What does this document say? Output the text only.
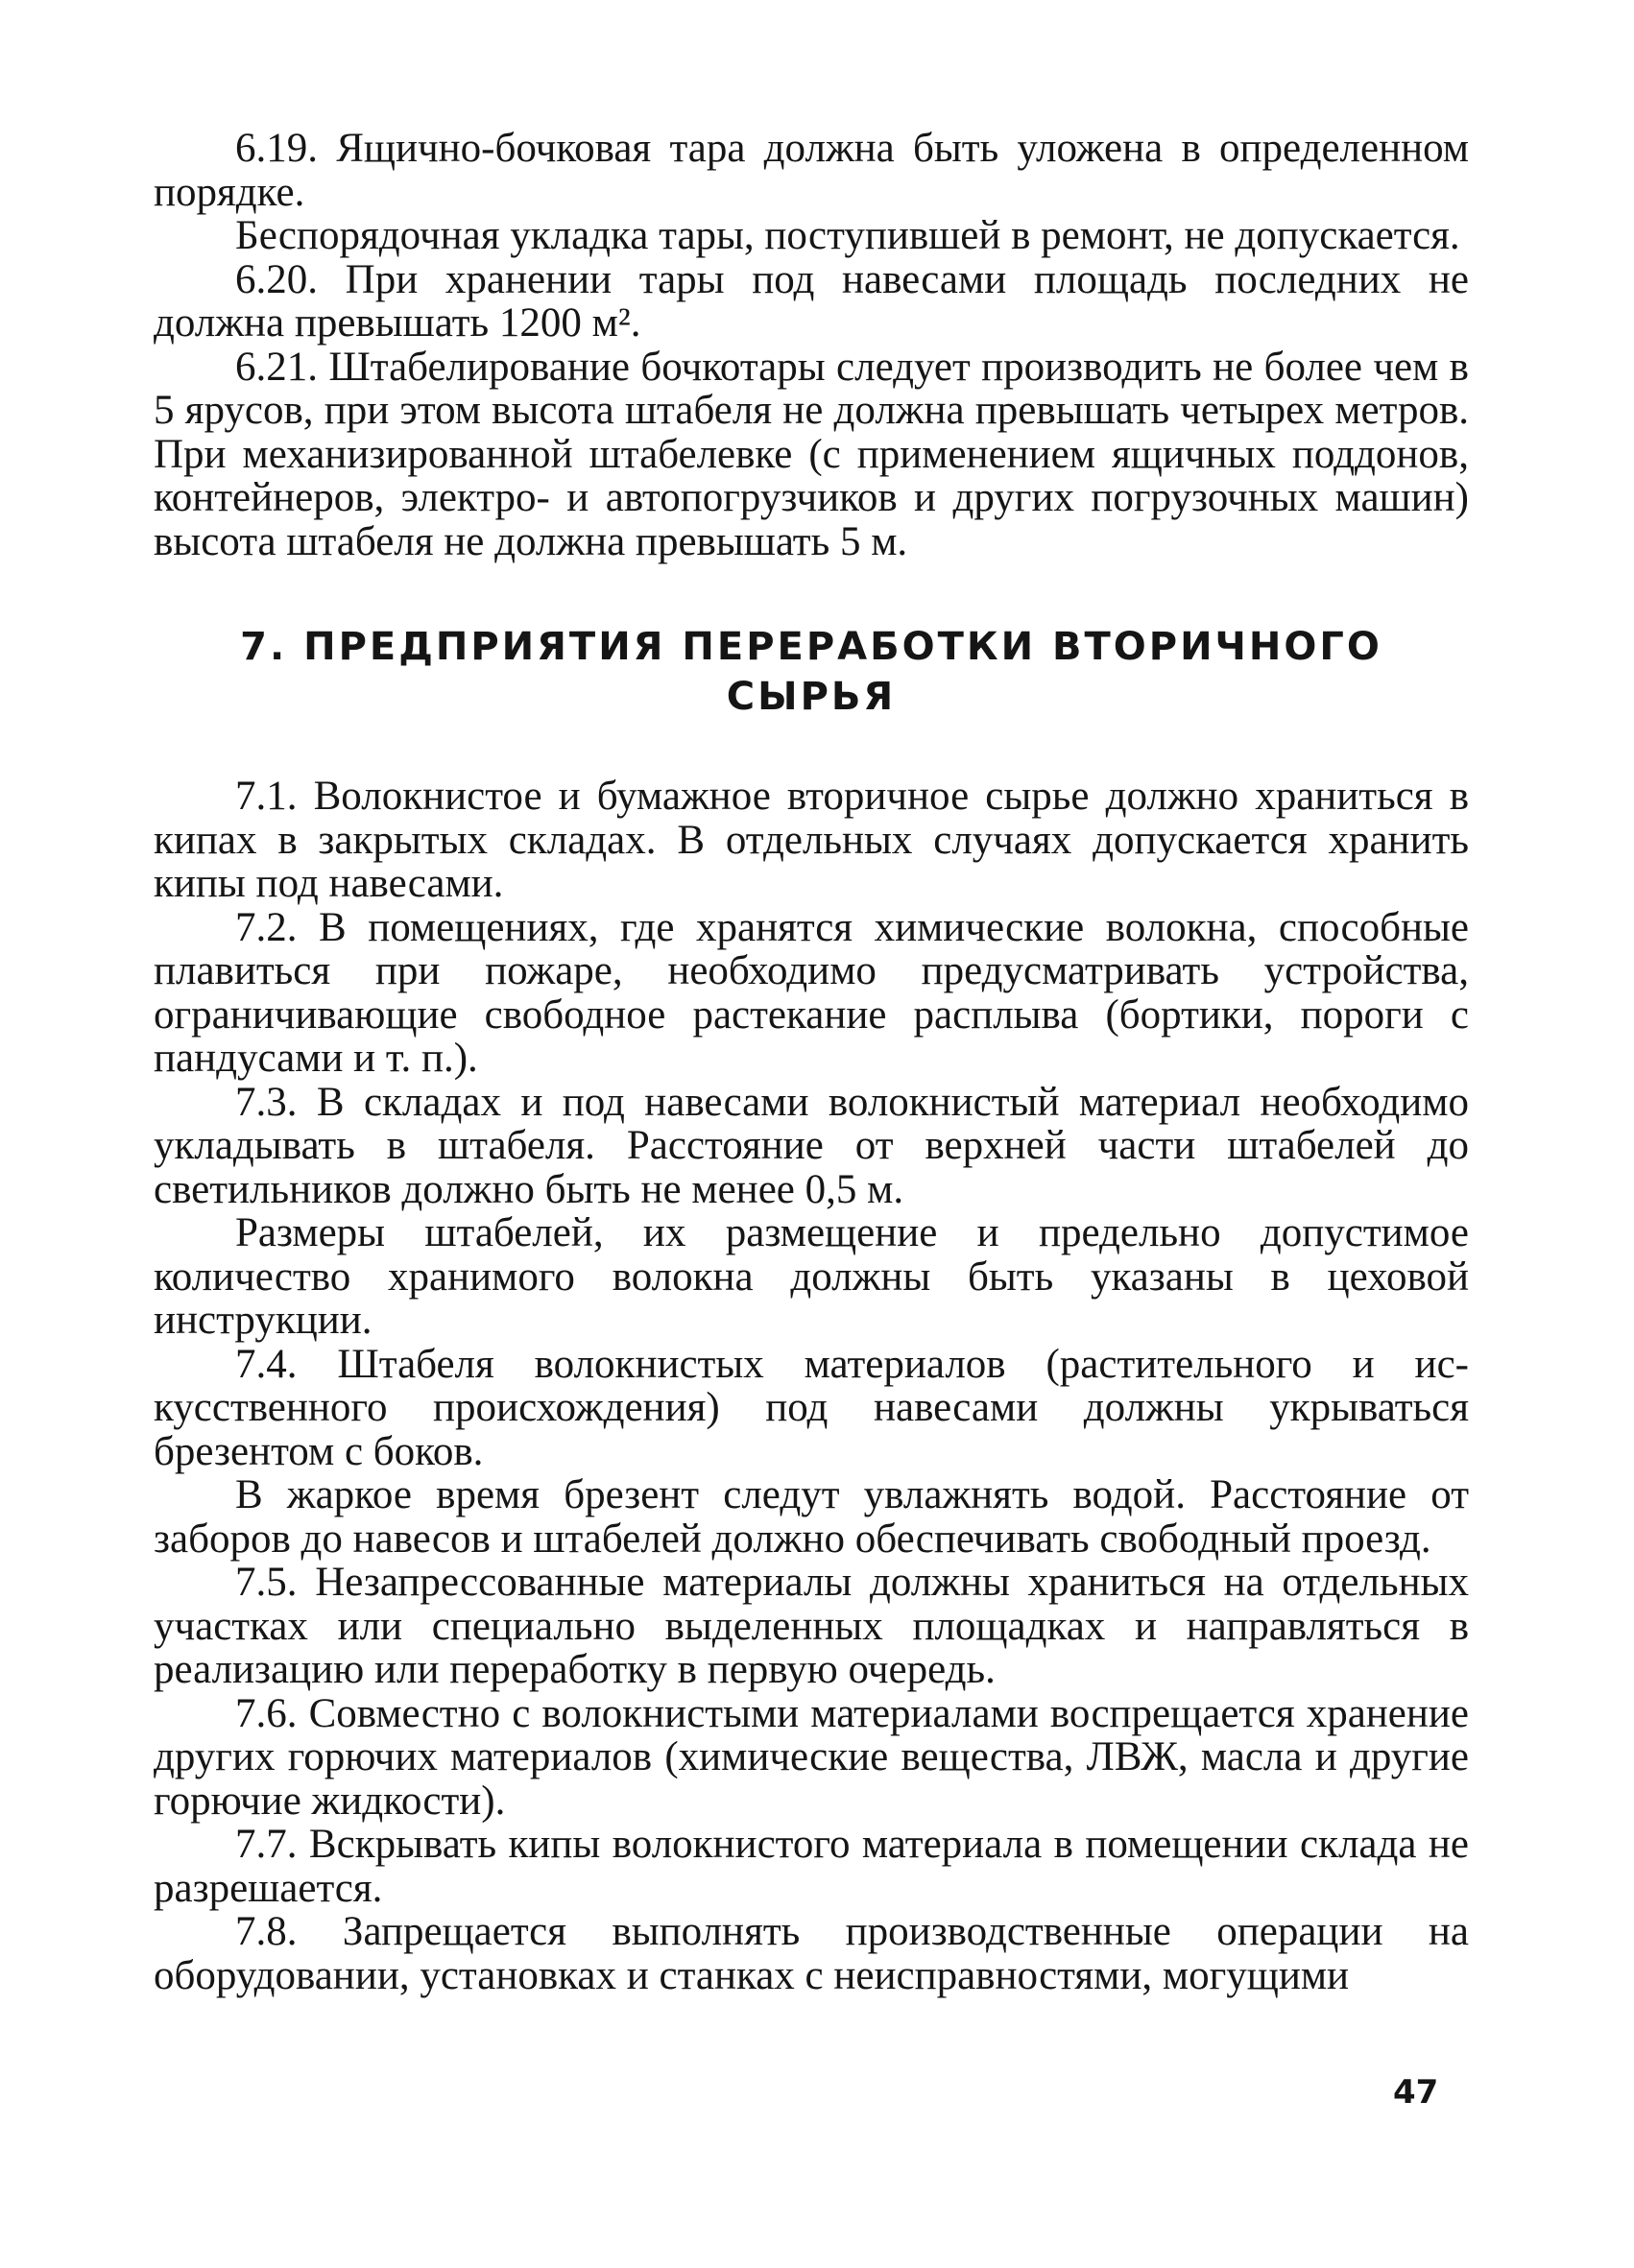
6.19. Ящично-бочковая тара должна быть уложена в определенном порядке.

Беспорядочная укладка тары, поступившей в ремонт, не допускается.

6.20. При хранении тары под навесами площадь последних не должна превышать 1200 м².

6.21. Штабелирование бочкотары следует производить не более чем в 5 ярусов, при этом высота штабеля не должна превышать четырех метров. При механизированной штабелевке (с применением ящичных поддонов, контейнеров, электро- и автопогрузчиков и других погрузочных машин) высота штабеля не должна превышать 5 м.

7. ПРЕДПРИЯТИЯ ПЕРЕРАБОТКИ ВТОРИЧНОГО СЫРЬЯ

7.1. Волокнистое и бумажное вторичное сырье должно храниться в кипах в закрытых складах. В отдельных случаях допускается хранить кипы под навесами.

7.2. В помещениях, где хранятся химические волокна, способные плавиться при пожаре, необходимо предусматривать устройства, ограничивающие свободное растекание расплыва (бортики, пороги с пандусами и т. п.).

7.3. В складах и под навесами волокнистый материал необходимо укладывать в штабеля. Расстояние от верхней части штабелей до светильников должно быть не менее 0,5 м.

Размеры штабелей, их размещение и предельно допустимое количество хранимого волокна должны быть указаны в цеховой инструкции.

7.4. Штабеля волокнистых материалов (растительного и искусственного происхождения) под навесами должны укрываться брезентом с боков.

В жаркое время брезент следут увлажнять водой. Расстояние от заборов до навесов и штабелей должно обеспечивать свободный проезд.

7.5. Незапрессованные материалы должны храниться на отдельных участках или специально выделенных площадках и направляться в реализацию или переработку в первую очередь.

7.6. Совместно с волокнистыми материалами воспрещается хранение других горючих материалов (химические вещества, ЛВЖ, масла и другие горючие жидкости).

7.7. Вскрывать кипы волокнистого материала в помещении склада не разрешается.

7.8. Запрещается выполнять производственные операции на оборудовании, установках и станках с неисправностями, могущими

47
